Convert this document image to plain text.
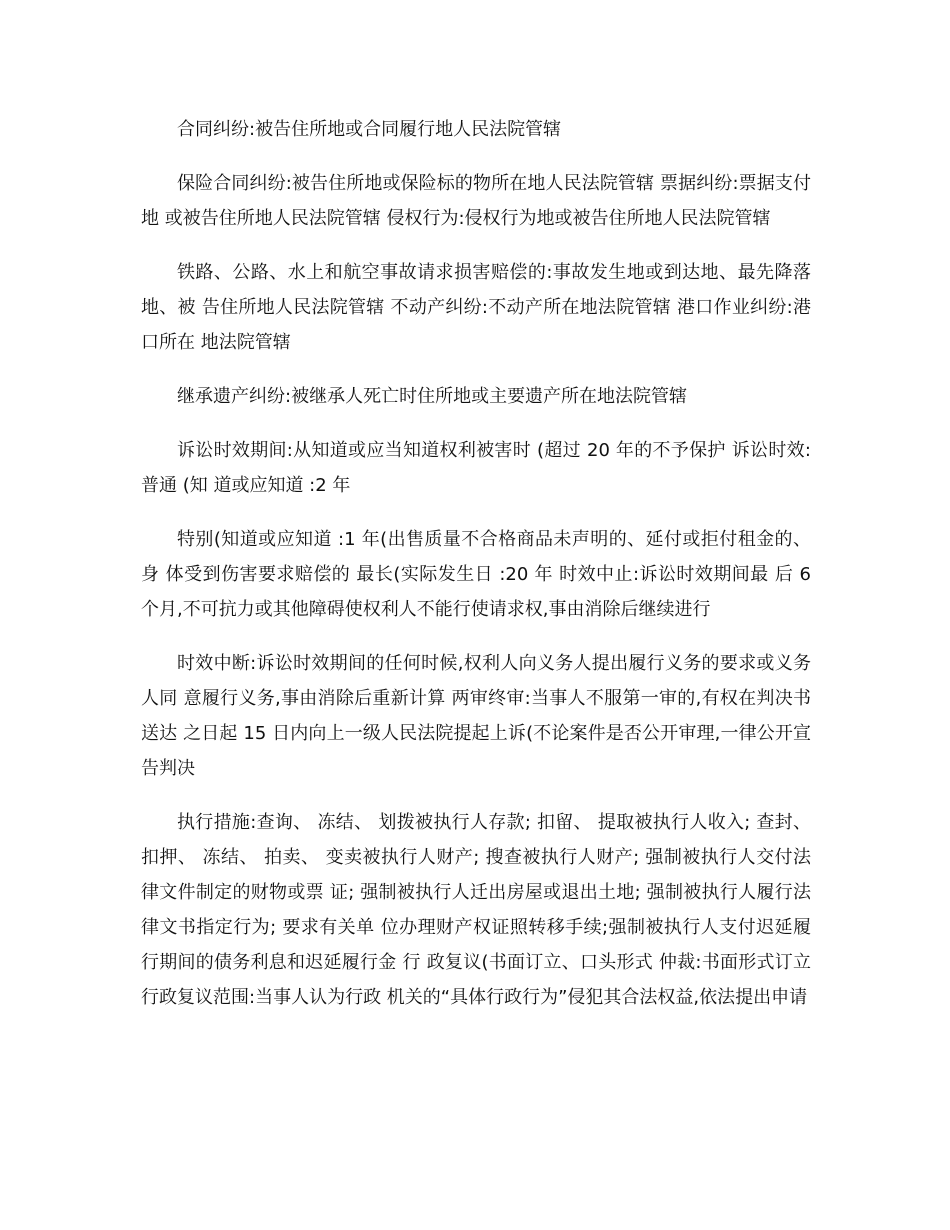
合同纠纷:被告住所地或合同履行地人民法院管辖

保险合同纠纷:被告住所地或保险标的物所在地人民法院管辖 票据纠纷:票据支付地 或被告住所地人民法院管辖 侵权行为:侵权行为地或被告住所地人民法院管辖

铁路、公路、水上和航空事故请求损害赔偿的:事故发生地或到达地、最先降落地、被 告住所地人民法院管辖 不动产纠纷:不动产所在地法院管辖 港口作业纠纷:港口所在 地法院管辖

继承遗产纠纷:被继承人死亡时住所地或主要遗产所在地法院管辖

诉讼时效期间:从知道或应当知道权利被害时 (超过 20 年的不予保护 诉讼时效:普通 (知 道或应知道 :2 年

特别(知道或应知道 :1 年(出售质量不合格商品未声明的、延付或拒付租金的、身 体受到伤害要求赔偿的 最长(实际发生日 :20 年 时效中止:诉讼时效期间最 后 6 个月,不可抗力或其他障碍使权利人不能行使请求权,事由消除后继续进行

时效中断:诉讼时效期间的任何时候,权利人向义务人提出履行义务的要求或义务人同 意履行义务,事由消除后重新计算 两审终审:当事人不服第一审的,有权在判决书送达 之日起 15 日内向上一级人民法院提起上诉(不论案件是否公开审理,一律公开宣告判决

执行措施:查询、 冻结、 划拨被执行人存款; 扣留、 提取被执行人收入; 查封、 扣押、 冻结、 拍卖、 变卖被执行人财产; 搜查被执行人财产; 强制被执行人交付法律文件制定的财物或票 证; 强制被执行人迁出房屋或退出土地; 强制被执行人履行法律文书指定行为; 要求有关单 位办理财产权证照转移手续;强制被执行人支付迟延履行期间的债务利息和迟延履行金 行 政复议(书面订立、口头形式 仲裁:书面形式订立 行政复议范围:当事人认为行政 机关的“具体行政行为”侵犯其合法权益,依法提出申请
